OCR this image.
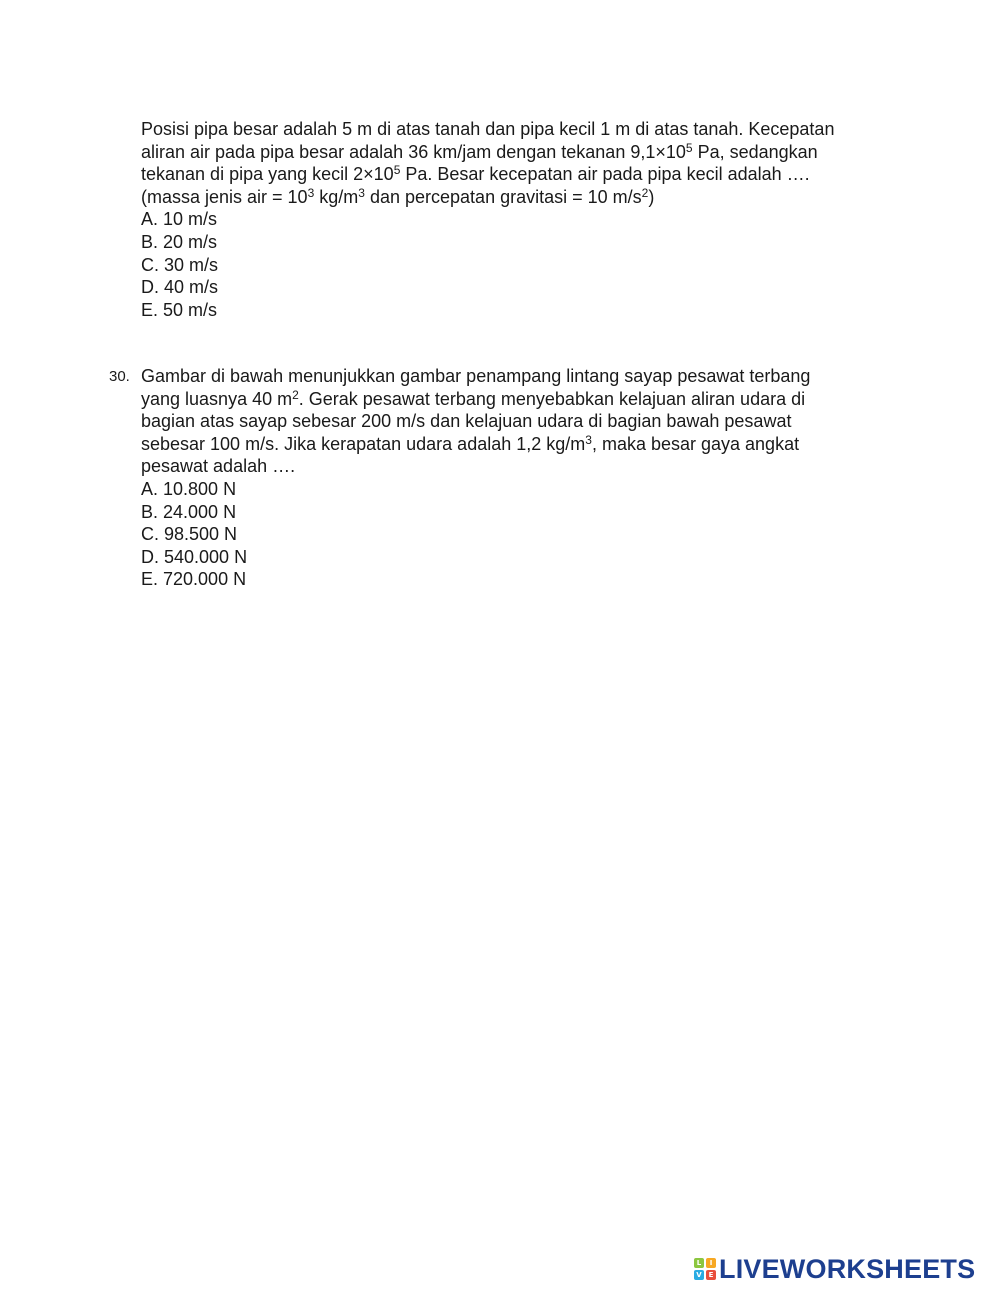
Posisi pipa besar adalah 5 m di atas tanah dan pipa kecil 1 m di atas tanah. Kecepatan
aliran air pada pipa besar adalah 36 km/jam dengan tekanan $9,1\times 10^5$ Pa, sedangkan
tekanan di pipa yang kecil $2\times 10^5$ Pa. Besar kecepatan air pada pipa kecil adalah ….
(massa jenis air = $10^3$ $kg/m^3$ dan percepatan gravitasi = 10 $m/s^2$)

A. 10 m/s
B. 20 m/s
C. 30 m/s
D. 40 m/s
E. 50 m/s
30. Gambar di bawah menunjukkan gambar penampang lintang sayap pesawat terbang
yang luasnya 40 $m^2$. Gerak pesawat terbang menyebabkan kelajuan aliran udara di
bagian atas sayap sebesar 200 m/s dan kelajuan udara di bagian bawah pesawat
sebesar 100 m/s. Jika kerapatan udara adalah 1,2 $kg/m^3$, maka besar gaya angkat
pesawat adalah ….

A. 10.800 N
B. 24.000 N
C. 98.500 N
D. 540.000 N
E. 720.000 N
L	I
V E LIVEWORKSHEETS
